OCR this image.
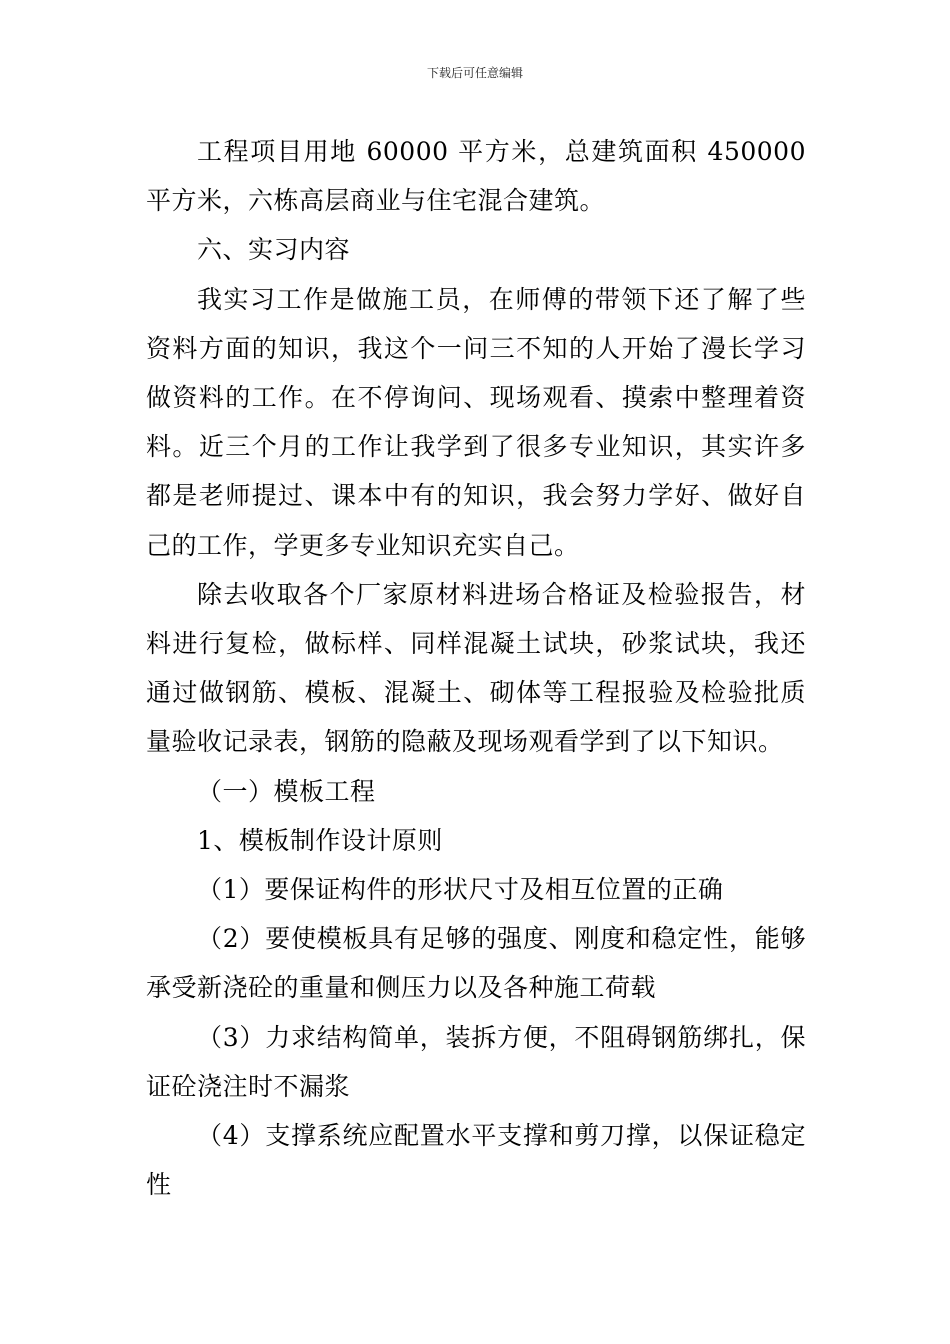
下载后可任意编辑

工程项目用地 60000 平方米，总建筑面积 450000 平方米，六栋高层商业与住宅混合建筑。

六、实习内容

我实习工作是做施工员，在师傅的带领下还了解了些资料方面的知识，我这个一问三不知的人开始了漫长学习做资料的工作。在不停询问、现场观看、摸索中整理着资料。近三个月的工作让我学到了很多专业知识，其实许多都是老师提过、课本中有的知识，我会努力学好、做好自己的工作，学更多专业知识充实自己。

除去收取各个厂家原材料进场合格证及检验报告，材料进行复检，做标样、同样混凝土试块，砂浆试块，我还通过做钢筋、模板、混凝土、砌体等工程报验及检验批质量验收记录表，钢筋的隐蔽及现场观看学到了以下知识。

（一）模板工程

1、模板制作设计原则

（1）要保证构件的形状尺寸及相互位置的正确

（2）要使模板具有足够的强度、刚度和稳定性，能够承受新浇砼的重量和侧压力以及各种施工荷载

（3）力求结构简单，装拆方便，不阻碍钢筋绑扎，保证砼浇注时不漏浆

（4）支撑系统应配置水平支撑和剪刀撑，以保证稳定性
